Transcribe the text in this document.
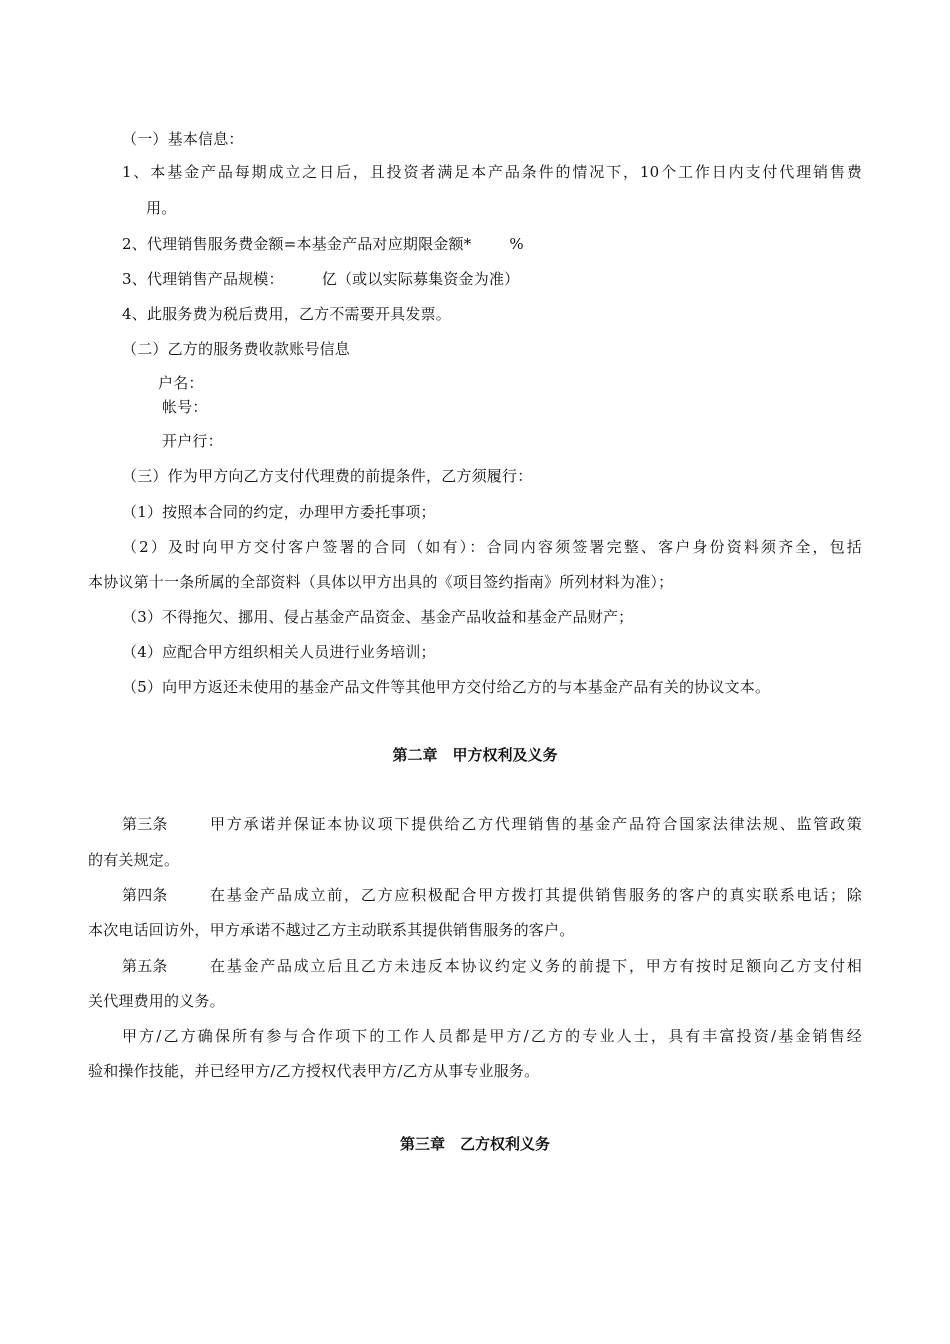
（一）基本信息：
1、本基金产品每期成立之日后，且投资者满足本产品条件的情况下，10个工作日内支付代理销售费
用。
2、代理销售服务费金额=本基金产品对应期限金额*	%
3、代理销售产品规模：	亿（或以实际募集资金为准）
4、此服务费为税后费用，乙方不需要开具发票。
（二）乙方的服务费收款账号信息
户名：
帐号：
开户行：
（三）作为甲方向乙方支付代理费的前提条件，乙方须履行：
（1）按照本合同的约定，办理甲方委托事项；
（2）及时向甲方交付客户签署的合同（如有）：合同内容须签署完整、客户身份资料须齐全，包括
本协议第十一条所属的全部资料（具体以甲方出具的《项目签约指南》所列材料为准）；
（3）不得拖欠、挪用、侵占基金产品资金、基金产品收益和基金产品财产；
（4）应配合甲方组织相关人员进行业务培训；
（5）向甲方返还未使用的基金产品文件等其他甲方交付给乙方的与本基金产品有关的协议文本。
第二章　甲方权利及义务
第三条	甲方承诺并保证本协议项下提供给乙方代理销售的基金产品符合国家法律法规、监管政策
的有关规定。
第四条	在基金产品成立前，乙方应积极配合甲方拨打其提供销售服务的客户的真实联系电话；除
本次电话回访外，甲方承诺不越过乙方主动联系其提供销售服务的客户。
第五条	在基金产品成立后且乙方未违反本协议约定义务的前提下，甲方有按时足额向乙方支付相
关代理费用的义务。
甲方/乙方确保所有参与合作项下的工作人员都是甲方/乙方的专业人士，具有丰富投资/基金销售经
验和操作技能，并已经甲方/乙方授权代表甲方/乙方从事专业服务。
第三章　乙方权利义务
